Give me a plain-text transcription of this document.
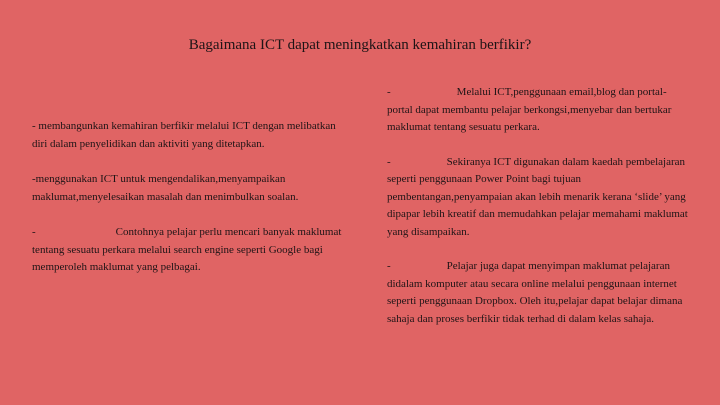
Bagaimana ICT dapat meningkatkan kemahiran berfikir?

- membangunkan kemahiran berfikir melalui ICT dengan melibatkan diri dalam penyelidikan dan aktiviti yang ditetapkan.

-menggunakan ICT untuk mengendalikan,menyampaikan maklumat,menyelesaikan masalah dan menimbulkan soalan.

-	Contohnya pelajar perlu mencari banyak maklumat tentang sesuatu perkara melalui search engine seperti Google bagi memperoleh maklumat yang pelbagai.

-	Melalui ICT,penggunaan email,blog dan portal-portal dapat membantu pelajar berkongsi,menyebar dan bertukar maklumat tentang sesuatu perkara.

-	Sekiranya ICT digunakan dalam kaedah pembelajaran seperti penggunaan Power Point bagi tujuan pembentangan,penyampaian akan lebih menarik kerana ‘slide’ yang dipapar lebih kreatif dan memudahkan pelajar memahami maklumat yang disampaikan.

-	Pelajar juga dapat menyimpan maklumat pelajaran didalam komputer atau secara online melalui penggunaan internet seperti penggunaan Dropbox. Oleh itu,pelajar dapat belajar dimana sahaja dan proses berfikir tidak terhad di dalam kelas sahaja.
